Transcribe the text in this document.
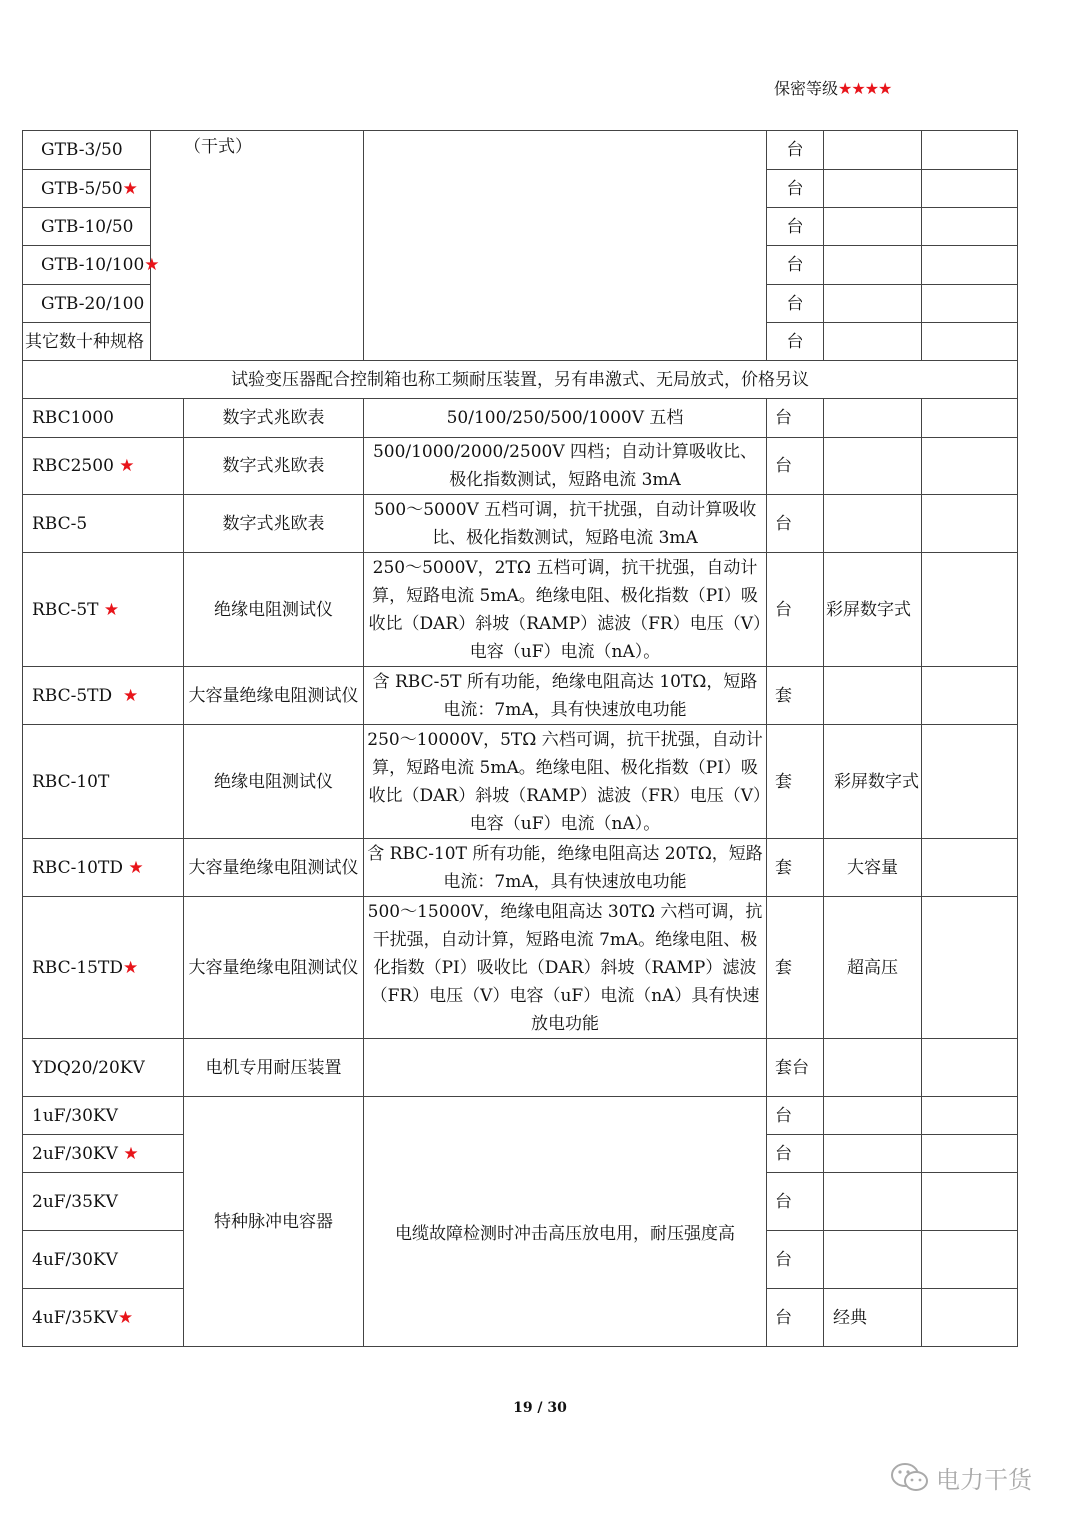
保密等级★★★★
GTB-3/50	（干式）			台		
GTB-5/50★				台		
GTB-10/50				台		
GTB-10/100★				台		
GTB-20/100				台		
其它数十种规格				台		
试验变压器配合控制箱也称工频耐压装置，另有串激式、无局放式，价格另议						
RBC1000		数字式兆欧表	50/100/250/500/1000V 五档	台		
RBC2500 ★		数字式兆欧表	500/1000/2000/2500V 四档；自动计算吸收比、极化指数测试，短路电流 3mA	台		
RBC-5		数字式兆欧表	500～5000V 五档可调，抗干扰强，自动计算吸收比、极化指数测试，短路电流 3mA	台		
RBC-5T ★		绝缘电阻测试仪	250～5000V，2TΩ 五档可调，抗干扰强，自动计算，短路电流 5mA。绝缘电阻、极化指数（PI）吸收比（DAR）斜坡（RAMP）滤波（FR）电压（V）电容（uF）电流（nA）。	台	彩屏数字式	
RBC-5TD  ★		大容量绝缘电阻测试仪	含 RBC-5T 所有功能，绝缘电阻高达 10TΩ，短路电流：7mA，具有快速放电功能	套		
RBC-10T		绝缘电阻测试仪	250～10000V，5TΩ 六档可调，抗干扰强，自动计算，短路电流 5mA。绝缘电阻、极化指数（PI）吸收比（DAR）斜坡（RAMP）滤波（FR）电压（V）电容（uF）电流（nA）。	套	彩屏数字式	
RBC-10TD ★		大容量绝缘电阻测试仪	含 RBC-10T 所有功能，绝缘电阻高达 20TΩ，短路电流：7mA，具有快速放电功能	套	大容量	
RBC-15TD★		大容量绝缘电阻测试仪	500～15000V，绝缘电阻高达 30TΩ 六档可调，抗干扰强，自动计算，短路电流 7mA。绝缘电阻、极化指数（PI）吸收比（DAR）斜坡（RAMP）滤波（FR）电压（V）电容（uF）电流（nA）具有快速放电功能	套	超高压	
YDQ20/20KV		电机专用耐压装置		套台		
1uF/30KV		特种脉冲电容器	电缆故障检测时冲击高压放电用，耐压强度高	台		
2uF/30KV ★				台		
2uF/35KV				台		
4uF/30KV				台		
4uF/35KV★				台	经典	
19 / 30
电力干货
